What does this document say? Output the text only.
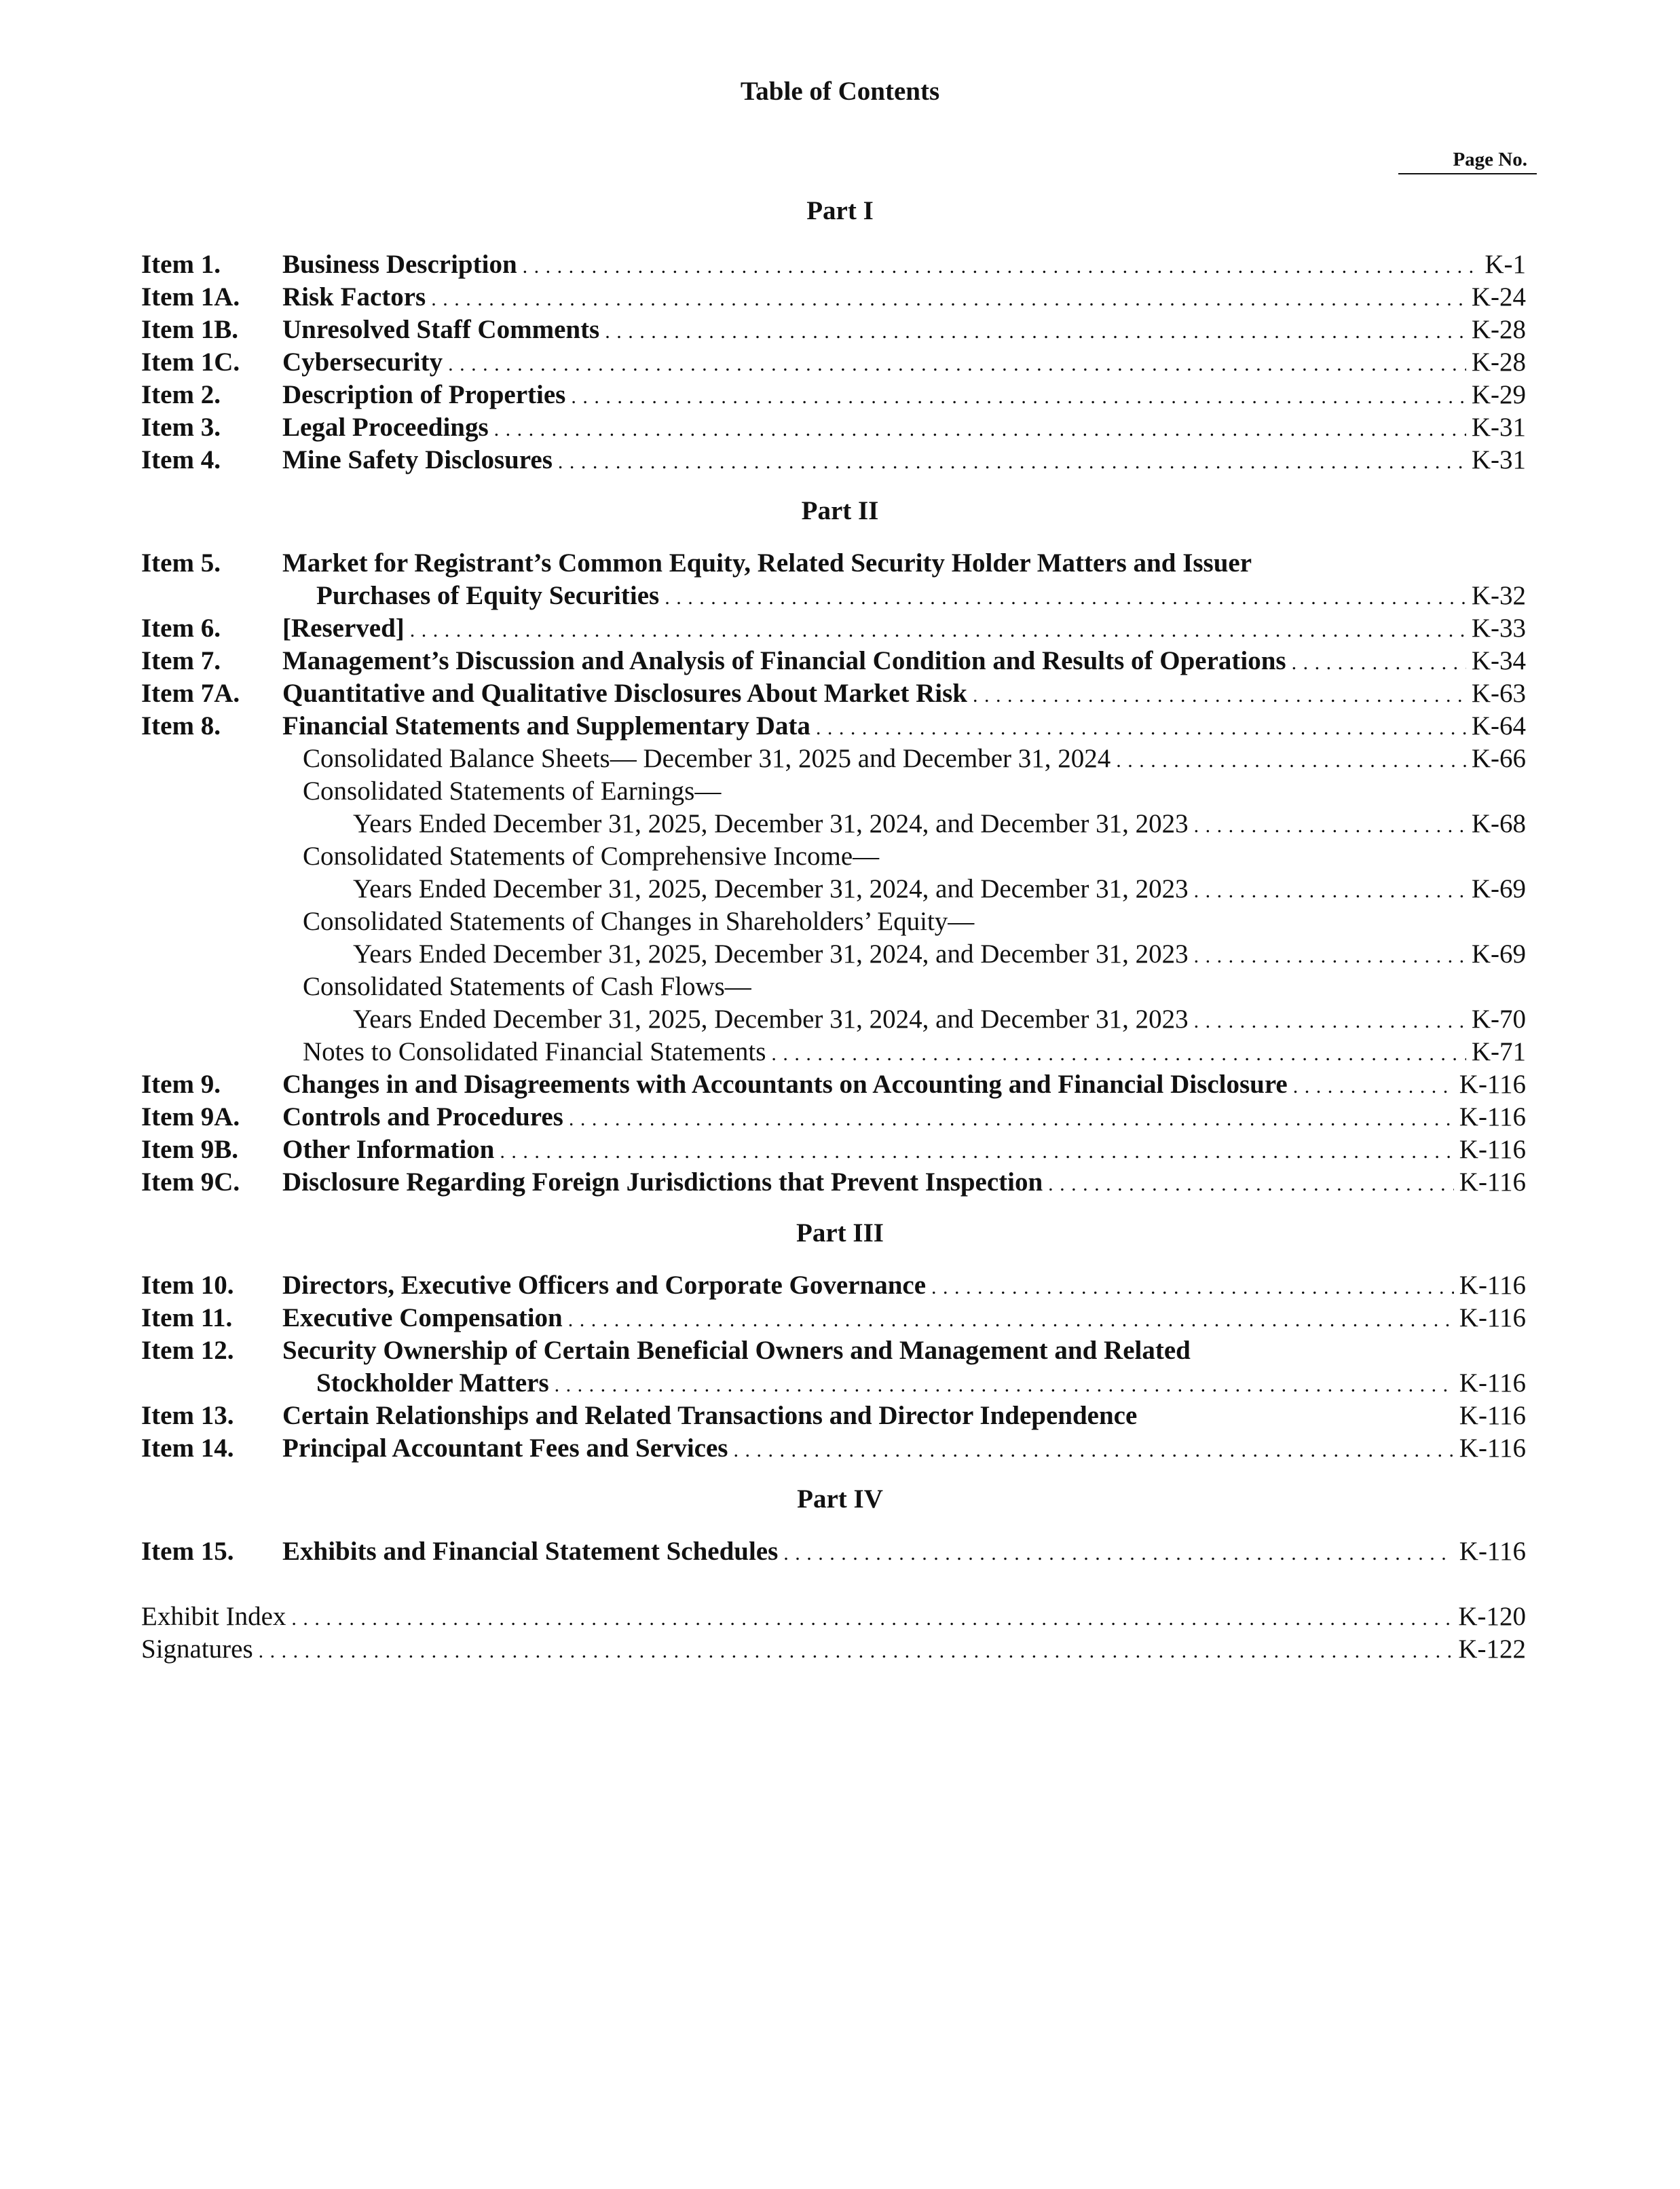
Table of Contents
Page No.
Part I
Item 1. Business Description . . .	K-1
Item 1A. Risk Factors . . .	K-24
Item 1B. Unresolved Staff Comments . . .	K-28
Item 1C. Cybersecurity . . .	K-28
Item 2. Description of Properties . . .	K-29
Item 3. Legal Proceedings . . .	K-31
Item 4. Mine Safety Disclosures . . .	K-31
Part II
Item 5. Market for Registrant’s Common Equity, Related Security Holder Matters and Issuer
Purchases of Equity Securities . . .	K-32
Item 6. [Reserved] . . .	K-33
Item 7. Management’s Discussion and Analysis of Financial Condition and Results of Operations . . .	K-34
Item 7A. Quantitative and Qualitative Disclosures About Market Risk . . .	K-63
Item 8. Financial Statements and Supplementary Data . . .	K-64
Consolidated Balance Sheets— December 31, 2025 and December 31, 2024 . . .	K-66
Consolidated Statements of Earnings—
Years Ended December 31, 2025, December 31, 2024, and December 31, 2023 . . .	K-68
Consolidated Statements of Comprehensive Income—
Years Ended December 31, 2025, December 31, 2024, and December 31, 2023 . . .	K-69
Consolidated Statements of Changes in Shareholders’ Equity—
Years Ended December 31, 2025, December 31, 2024, and December 31, 2023 . . .	K-69
Consolidated Statements of Cash Flows—
Years Ended December 31, 2025, December 31, 2024, and December 31, 2023 . . .	K-70
Notes to Consolidated Financial Statements . . .	K-71
Item 9. Changes in and Disagreements with Accountants on Accounting and Financial Disclosure . . .	K-116
Item 9A. Controls and Procedures . . .	K-116
Item 9B. Other Information . . .	K-116
Item 9C. Disclosure Regarding Foreign Jurisdictions that Prevent Inspection . . .	K-116
Part III
Item 10. Directors, Executive Officers and Corporate Governance . . .	K-116
Item 11. Executive Compensation . . .	K-116
Item 12. Security Ownership of Certain Beneficial Owners and Management and Related
Stockholder Matters . . .	K-116
Item 13. Certain Relationships and Related Transactions and Director Independence	K-116
Item 14. Principal Accountant Fees and Services . . .	K-116
Part IV
Item 15. Exhibits and Financial Statement Schedules . . .	K-116
Exhibit Index . . .	K-120
Signatures . . .	K-122
